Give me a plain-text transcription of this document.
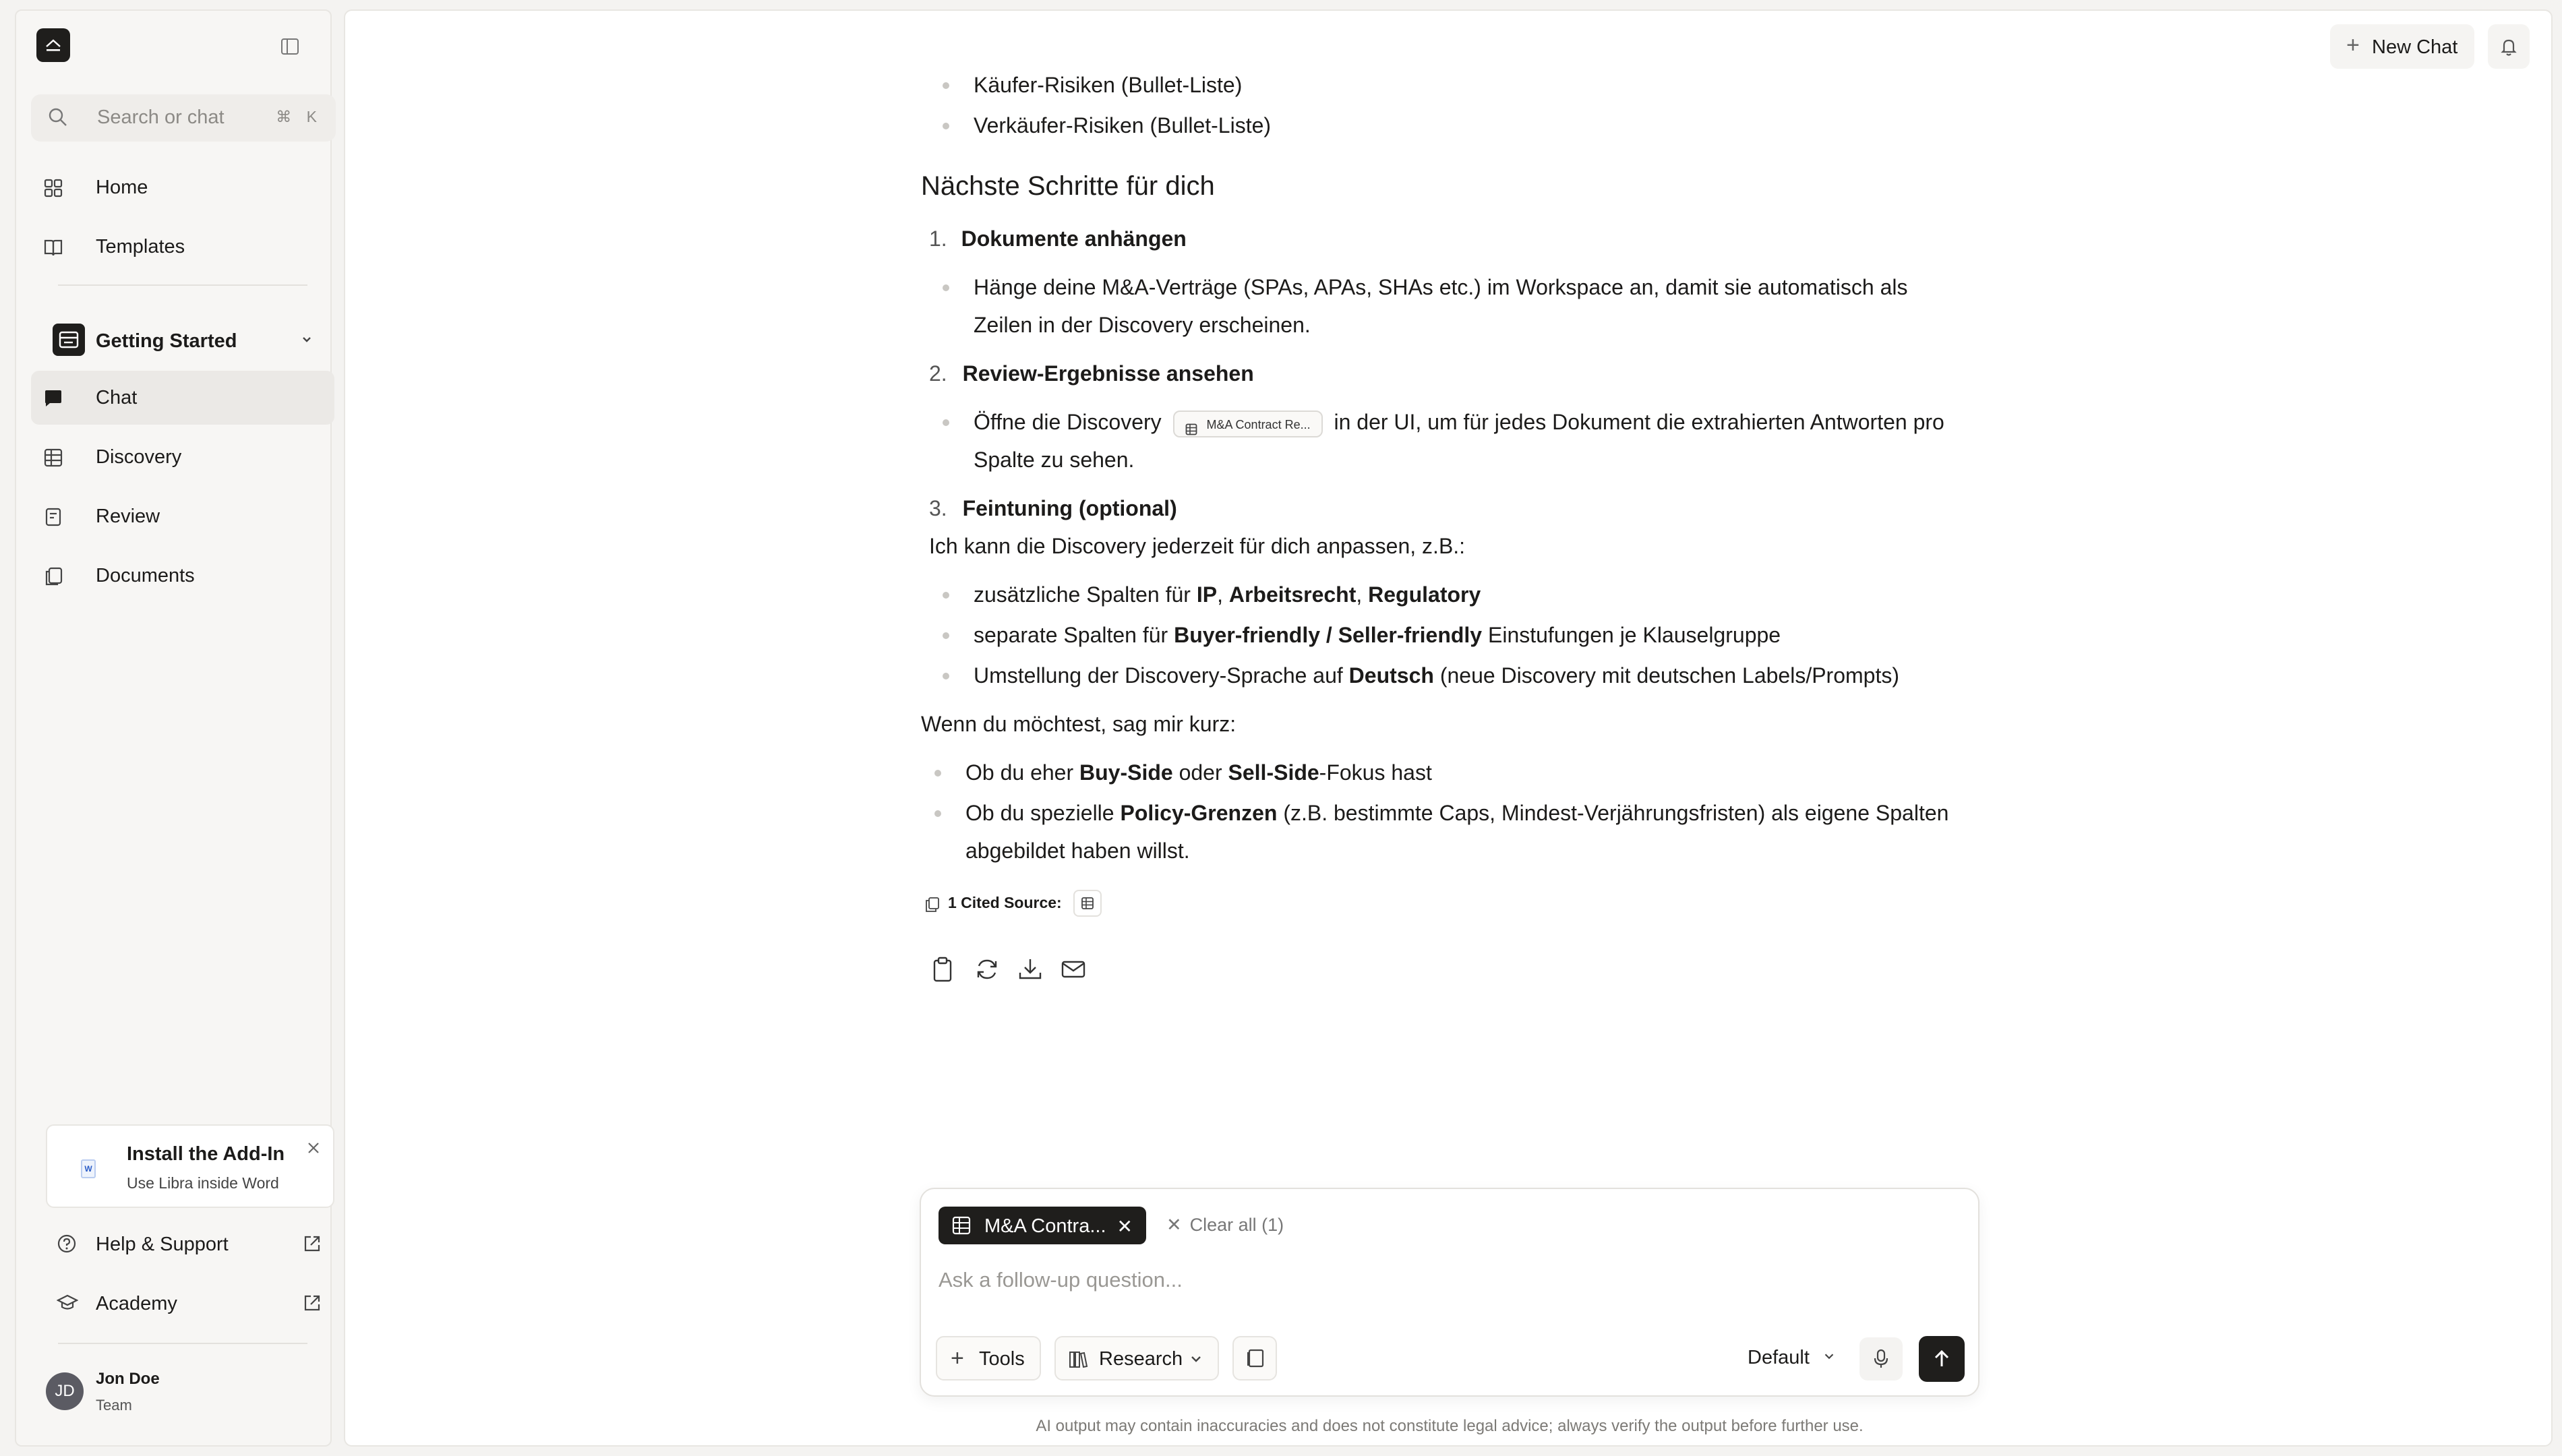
Search or chat	⌘ K
Home
Templates
Getting Started
Chat
Discovery
Review
Documents
W
Install the Add-In
Use Libra inside Word
Help & Support
Academy
JD
Jon Doe
Team
+ New Chat

Käufer-Risiken (Bullet-Liste)

Verkäufer-Risiken (Bullet-Liste)

Nächste Schritte für dich

1. Dokumente anhängen

Hänge deine M&A-Verträge (SPAs, APAs, SHAs etc.) im Workspace an, damit sie automatisch als

Zeilen in der Discovery erscheinen.

2. Review-Ergebnisse ansehen

Öffne die Discovery	M&A Contract Re... in der UI, um für jedes Dokument die extrahierten Antworten pro

Spalte zu sehen.

3. Feintuning (optional)

Ich kann die Discovery jederzeit für dich anpassen, z.B.:

zusätzliche Spalten für IP, Arbeitsrecht, Regulatory

separate Spalten für Buyer-friendly / Seller-friendly Einstufungen je Klauselgruppe

Umstellung der Discovery-Sprache auf Deutsch (neue Discovery mit deutschen Labels/Prompts)

Wenn du möchtest, sag mir kurz:

Ob du eher Buy-Side oder Sell-Side-Fokus hast

Ob du spezielle Policy-Grenzen (z.B. bestimmte Caps, Mindest-Verjährungsfristen) als eigene Spalten

abgebildet haben willst.

1 Cited Source:
M&A Contra... ✕ ✕ Clear all (1)
Ask a follow-up question...
+ Tools	Research	Default
AI output may contain inaccuracies and does not constitute legal advice; always verify the output before further use.
